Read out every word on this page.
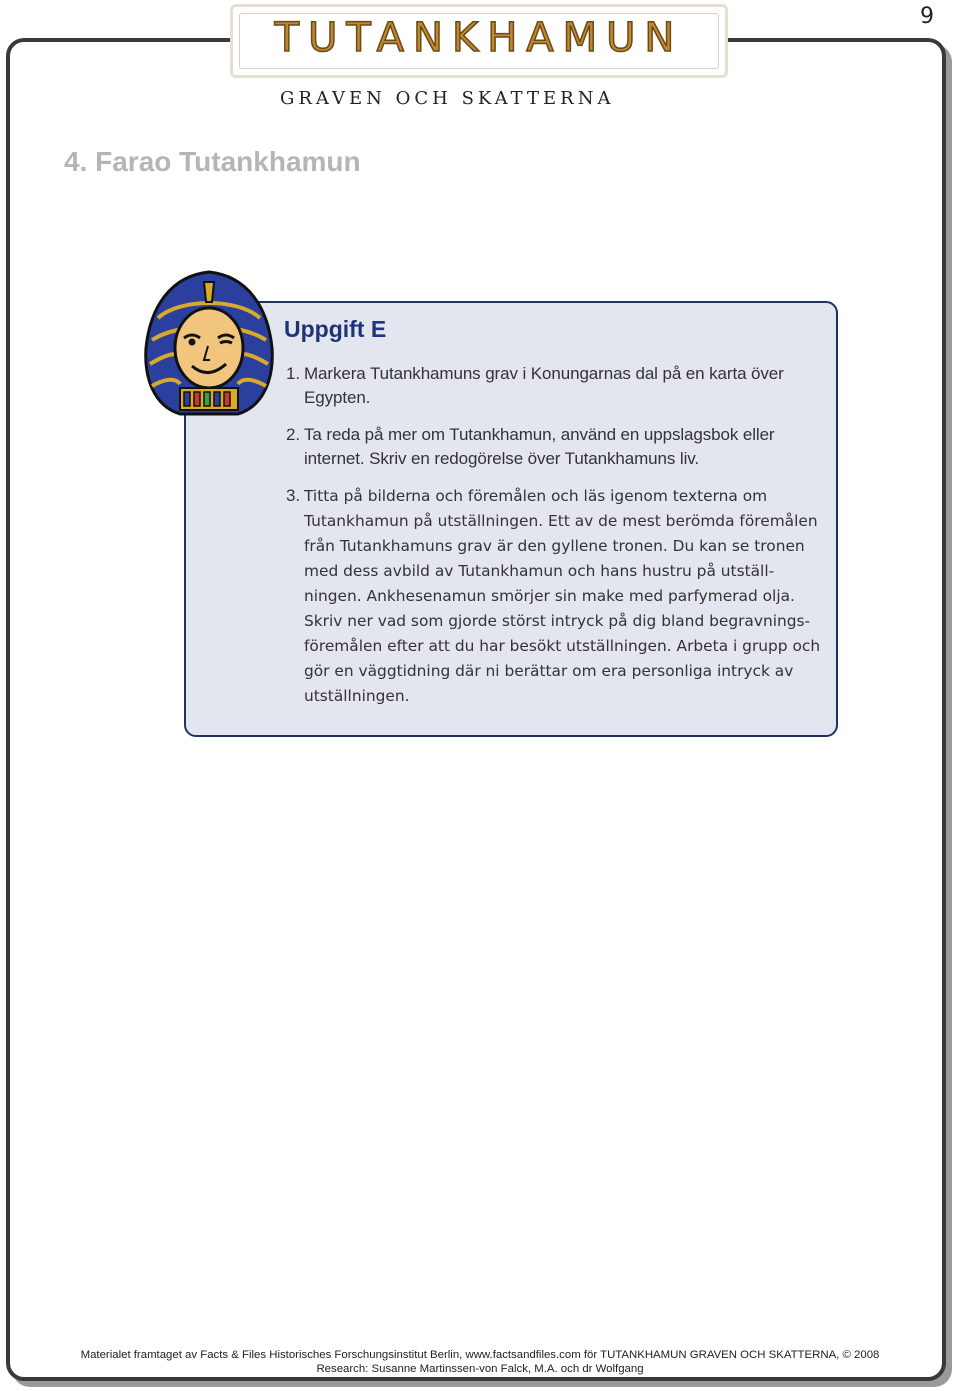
9
TUTANKHAMUN
GRAVEN OCH SKATTERNA
4. Farao Tutankhamun
Uppgift E
1. Markera Tutankhamuns grav i Konungarnas dal på en karta över Egypten.
2. Ta reda på mer om Tutankhamun, använd en uppslagsbok eller internet. Skriv en redogörelse över Tutankhamuns liv.
3. Titta på bilderna och föremålen och läs igenom texterna om Tutankhamun på utställningen. Ett av de mest berömda föremålen från Tutankhamuns grav är den gyllene tronen. Du kan se tronen med dess avbild av Tutankhamun och hans hustru på utställ-ningen. Ankhesenamun smörjer sin make med parfymerad olja. Skriv ner vad som gjorde störst intryck på dig bland begravnings-föremålen efter att du har besökt utställningen. Arbeta i grupp och gör en väggtidning där ni berättar om era personliga intryck av utställningen.
Materialet framtaget av Facts & Files Historisches Forschungsinstitut Berlin, www.factsandfiles.com för TUTANKHAMUN GRAVEN OCH SKATTERNA, © 2008
Research: Susanne Martinssen-von Falck, M.A. och dr Wolfgang
